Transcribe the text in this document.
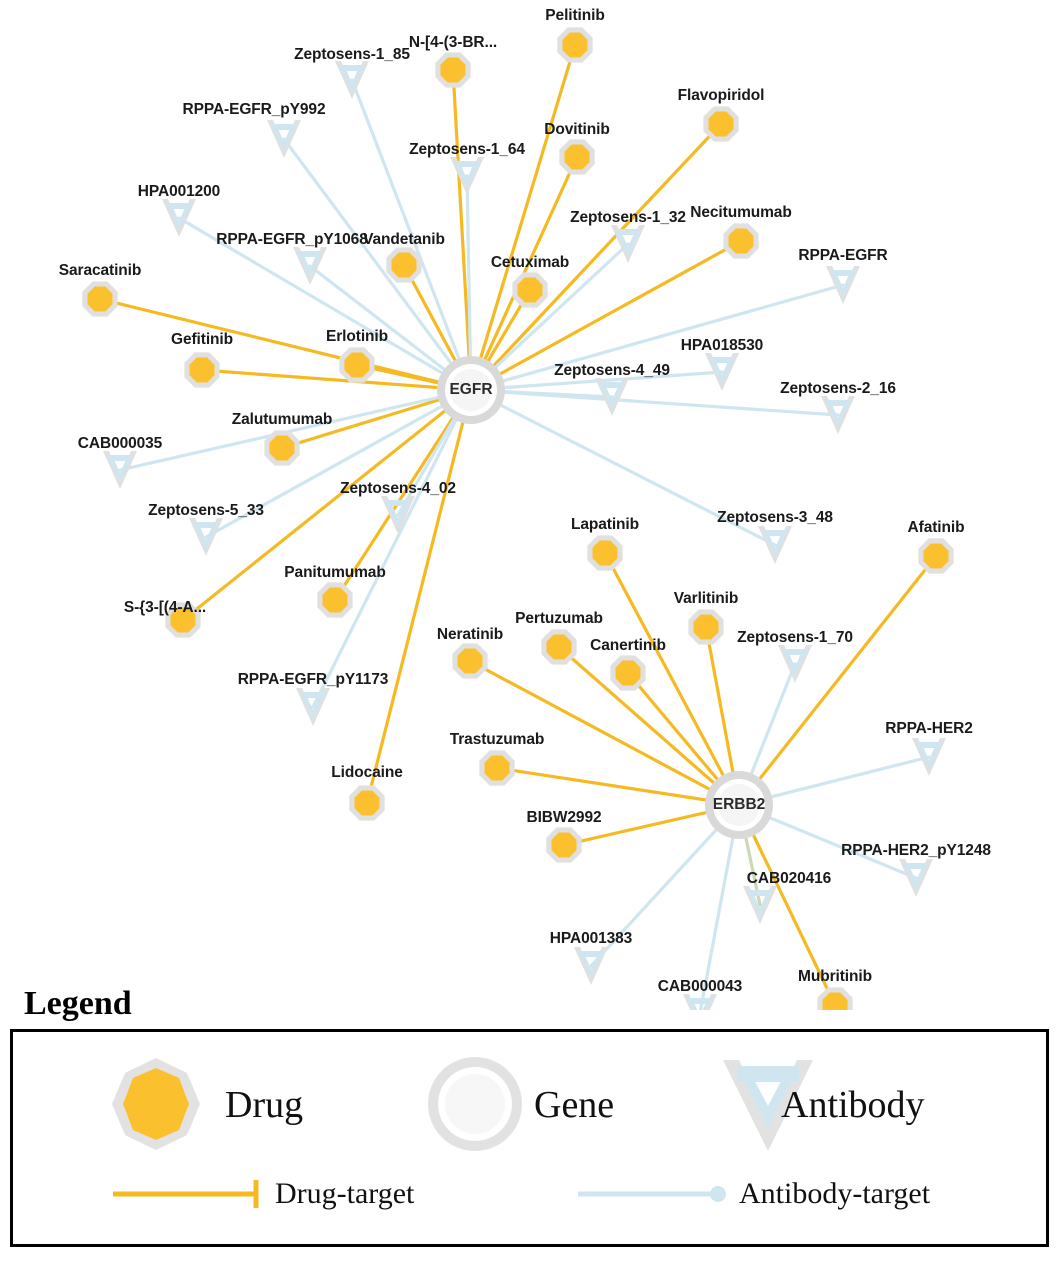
Pelitinib
N-[4-(3-BR...
Flavopiridol
Dovitinib
Vandetanib
Necitumumab
Cetuximab
Saracatinib
Gefitinib	Erlotinib
Zalutumumab
Panitumumab
S-{3-[(4-A...
Lidocaine
Lapatinib	Afatinib
Varlitinib
Pertuzumab
Neratinib
Canertinib
Trastuzumab
BIBW2992
Mubritinib
Zeptosens-1_85
RPPA-EGFR_pY992
Zeptosens-1_64
HPA001200
RPPA-EGFR_pY1068
Zeptosens-1_32
RPPA-EGFR
HPA018530
Zeptosens-4_49
Zeptosens-2_16
CAB000035
Zeptosens-5_33
Zeptosens-4_02
RPPA-EGFR_pY1173
Zeptosens-3_48
Zeptosens-1_70
RPPA-HER2
RPPA-HER2_pY1248
CAB020416
HPA001383
CAB000043
EGFR
ERBB2
Legend
Drug	Gene	Antibody
Drug-target	Antibody-target
